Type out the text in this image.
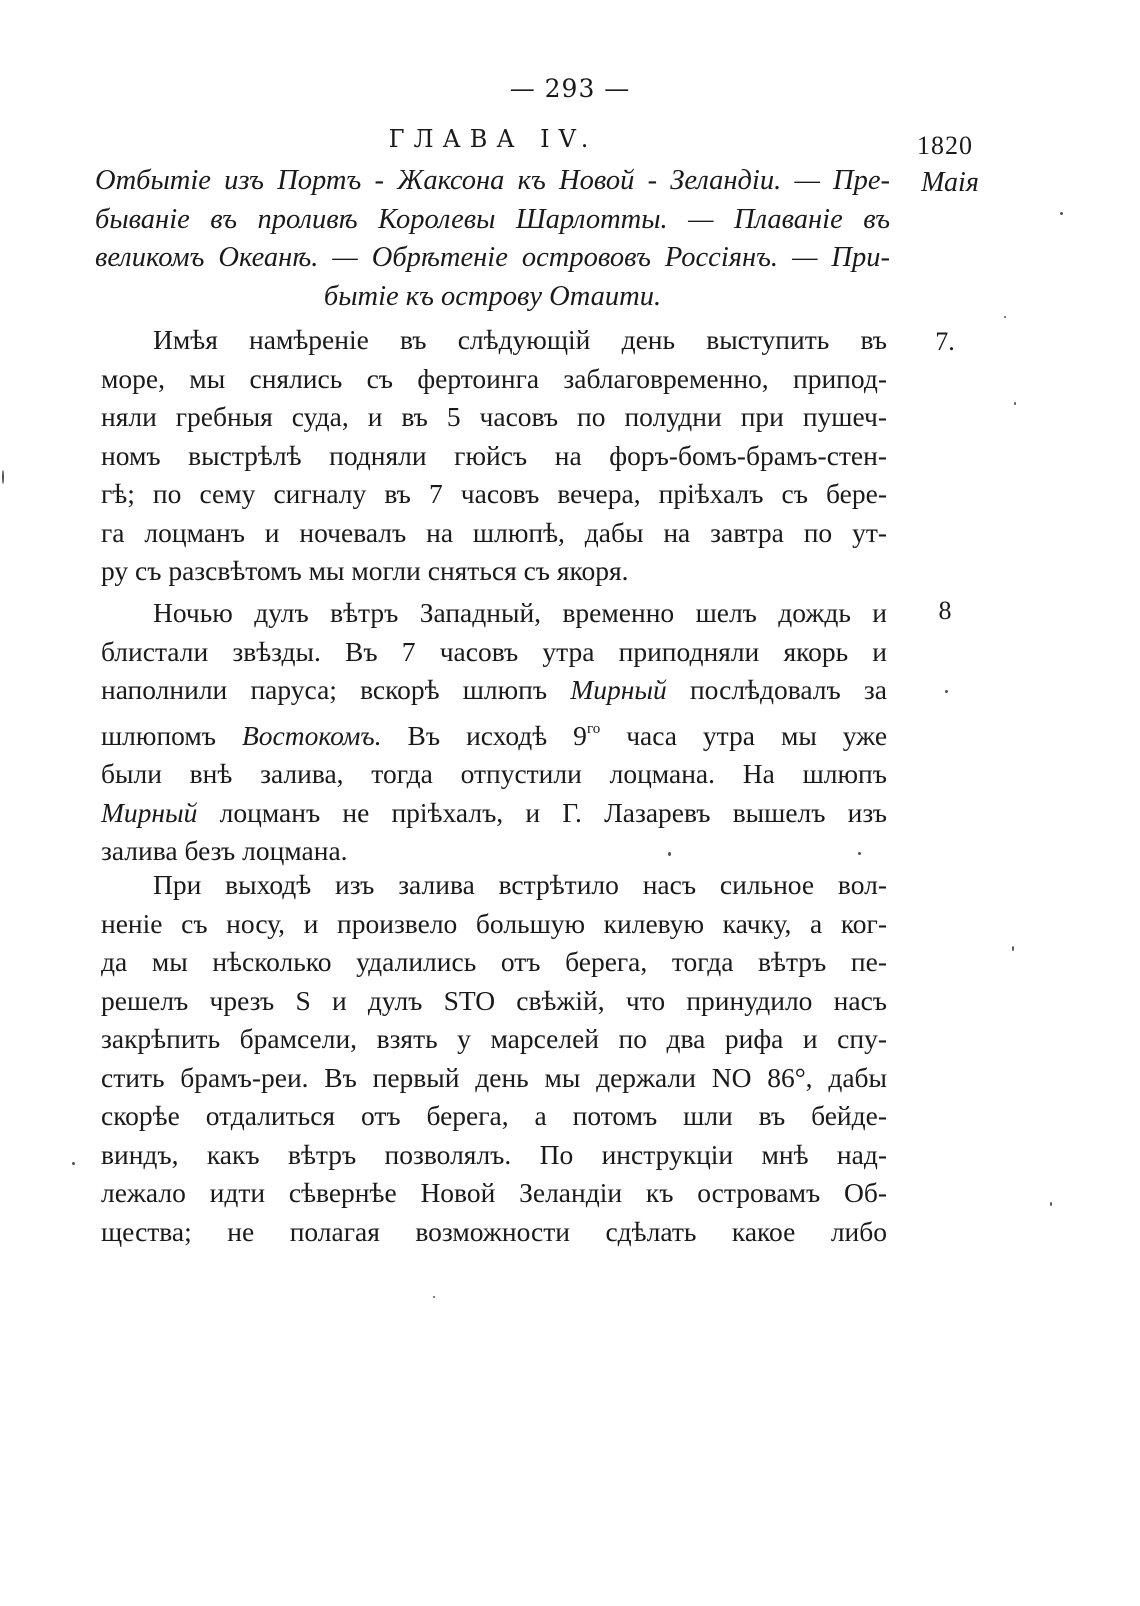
— 293 —
ГЛАВА IV.
Отбытіе изъ Портъ - Жаксона къ Новой - Зеландіи. — Пре-
бываніе въ проливѣ Королевы Шарлотты. — Плаваніе въ
великомъ Океанѣ. — Обрѣтеніе острововъ Россіянъ. — При-
бытіе къ острову Отаити.
1820
Маія
7.
8
Имѣя намѣреніе въ слѣдующій день выступить въ
море, мы снялись съ фертоинга заблаговременно, припод-
няли гребныя суда, и въ 5 часовъ по полудни при пушеч-
номъ выстрѣлѣ подняли гюйсъ на форъ-бомъ-брамъ-стен-
гѣ; по сему сигналу въ 7 часовъ вечера, пріѣхалъ съ бере-
га лоцманъ и ночевалъ на шлюпѣ, дабы на завтра по ут-
ру съ разсвѣтомъ мы могли сняться съ якоря.
Ночью дулъ вѣтръ Западный, временно шелъ дождь и
блистали звѣзды. Въ 7 часовъ утра приподняли якорь и
наполнили паруса; вскорѣ шлюпъ Мирный послѣдовалъ за
шлюпомъ Востокомъ. Въ исходѣ $9^{го}$ часа утра мы уже
были внѣ залива, тогда отпустили лоцмана. На шлюпъ
Мирный лоцманъ не пріѣхалъ, и Г. Лазаревъ вышелъ изъ
залива безъ лоцмана.
При выходѣ изъ залива встрѣтило насъ сильное вол-
неніе съ носу, и произвело большую килевую качку, а ког-
да мы нѣсколько удалились отъ берега, тогда вѣтръ пе-
решелъ чрезъ S и дулъ STO свѣжій, что принудило насъ
закрѣпить брамсели, взять у марселей по два рифа и спу-
стить брамъ-реи. Въ первый день мы держали NO 86°, дабы
скорѣе отдалиться отъ берега, а потомъ шли въ бейде-
виндъ, какъ вѣтръ позволялъ. По инструкціи мнѣ над-
лежало идти сѣвернѣе Новой Зеландіи къ островамъ Об-
щества; не полагая возможности сдѣлать какое либо
